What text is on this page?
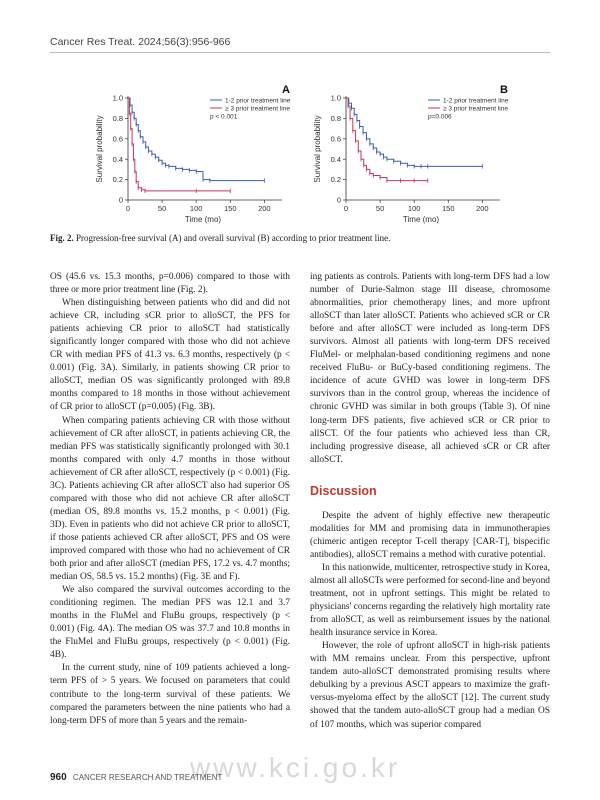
Cancer Res Treat. 2024;56(3):956-966
0
0.2
0.4
0.6
0.8
1.0
0	50	100	150	200
Time (mo)
Survival probability
A
1-2 prior treatment line
≥ 3 prior treatment line
p < 0.001
0
0.2
0.4
0.6
0.8
1.0
0	50	100	150	200
Time (mo)
Survival probability
B
1-2 prior treatment line
≥ 3 prior treatment line
p=0.006
Fig. 2. Progression-free survival (A) and overall survival (B) according to prior treatment line.

OS (45.6 vs. 15.3 months, p=0.006) compared to those with three or more prior treatment line (Fig. 2).

When distinguishing between patients who did and did not achieve CR, including sCR prior to alloSCT, the PFS for patients achieving CR prior to alloSCT had statistically significantly longer compared with those who did not achieve CR with median PFS of 41.3 vs. 6.3 months, respectively (p < 0.001) (Fig. 3A). Similarly, in patients showing CR prior to alloSCT, median OS was significantly prolonged with 89.8 months compared to 18 months in those without achievement of CR prior to alloSCT (p=0.005) (Fig. 3B).

When comparing patients achieving CR with those without achievement of CR after alloSCT, in patients achieving CR, the median PFS was statistically significantly prolonged with 30.1 months compared with only 4.7 months in those without achievement of CR after alloSCT, respectively (p < 0.001) (Fig. 3C). Patients achieving CR after alloSCT also had superior OS compared with those who did not achieve CR after alloSCT (median OS, 89.8 months vs. 15.2 months, p < 0.001) (Fig. 3D). Even in patients who did not achieve CR prior to alloSCT, if those patients achieved CR after alloSCT, PFS and OS were improved compared with those who had no achievement of CR both prior and after alloSCT (median PFS, 17.2 vs. 4.7 months; median OS, 58.5 vs. 15.2 months) (Fig. 3E and F).

We also compared the survival outcomes according to the conditioning regimen. The median PFS was 12.1 and 3.7 months in the FluMel and FluBu groups, respectively (p < 0.001) (Fig. 4A). The median OS was 37.7 and 10.8 months in the FluMel and FluBu groups, respectively (p < 0.001) (Fig. 4B).

In the current study, nine of 109 patients achieved a long-term PFS of > 5 years. We focused on parameters that could contribute to the long-term survival of these patients. We compared the parameters between the nine patients who had a long-term DFS of more than 5 years and the remain-

ing patients as controls. Patients with long-term DFS had a low number of Durie-Salmon stage III disease, chromosome abnormalities, prior chemotherapy lines, and more upfront alloSCT than later alloSCT. Patients who achieved sCR or CR before and after alloSCT were included as long-term DFS survivors. Almost all patients with long-term DFS received FluMel- or melphalan-based conditioning regimens and none received FluBu- or BuCy-based conditioning regimens. The incidence of acute GVHD was lower in long-term DFS survivors than in the control group, whereas the incidence of chronic GVHD was similar in both groups (Table 3). Of nine long-term DFS patients, five achieved sCR or CR prior to allSCT. Of the four patients who achieved less than CR, including progressive disease, all achieved sCR or CR after alloSCT.

Discussion

Despite the advent of highly effective new therapeutic modalities for MM and promising data in immunotherapies (chimeric antigen receptor T-cell therapy [CAR-T], bispecific antibodies), alloSCT remains a method with curative potential.

In this nationwide, multicenter, retrospective study in Korea, almost all alloSCTs were performed for second-line and beyond treatment, not in upfront settings. This might be related to physicians' concerns regarding the relatively high mortality rate from alloSCT, as well as reimbursement issues by the national health insurance service in Korea.

However, the role of upfront alloSCT in high-risk patients with MM remains unclear. From this perspective, upfront tandem auto-alloSCT demonstrated promising results where debulking by a previous ASCT appears to maximize the graft-versus-myeloma effect by the alloSCT [12]. The current study showed that the tandem auto-alloSCT group had a median OS of 107 months, which was superior compared

www.kci.go.kr
960 CANCER RESEARCH AND TREATMENT
